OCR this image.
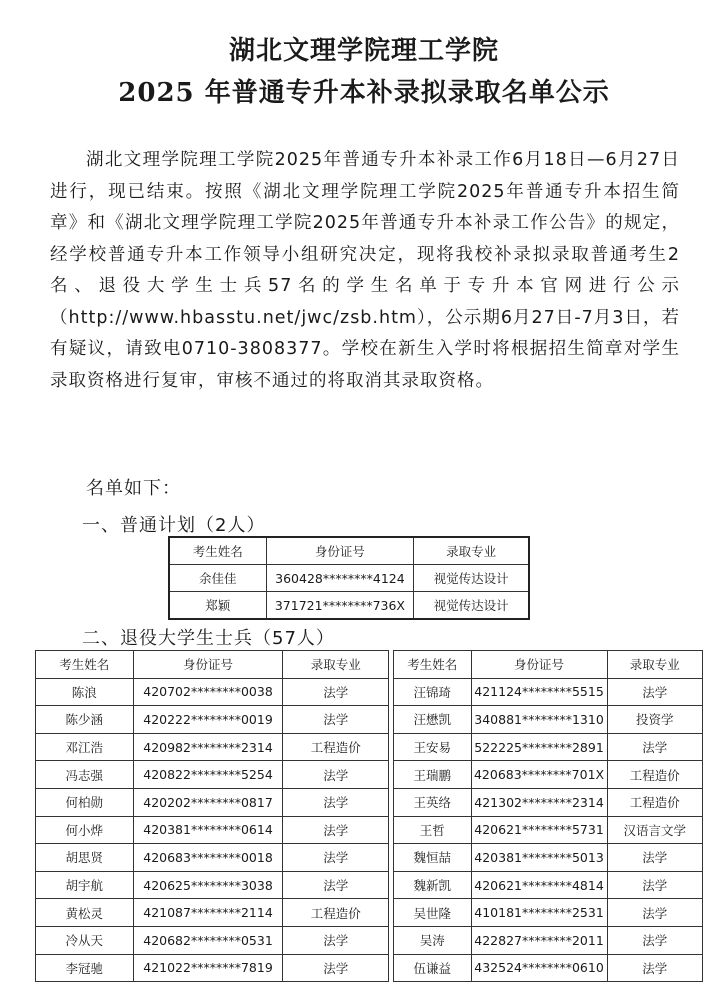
湖北文理学院理工学院
2025 年普通专升本补录拟录取名单公示

湖北文理学院理工学院2025年普通专升本补录工作6月18日—6月27日进行，现已结束。按照《湖北文理学院理工学院2025年普通专升本招生简章》和《湖北文理学院理工学院2025年普通专升本补录工作公告》的规定，经学校普通专升本工作领导小组研究决定，现将我校补录拟录取普通考生2名、退役大学生士兵57名的学生名单于专升本官网进行公示（http://www.hbasstu.net/jwc/zsb.htm），公示期6月27日-7月3日，若有疑议，请致电0710-3808377。学校在新生入学时将根据招生简章对学生录取资格进行复审，审核不通过的将取消其录取资格。

名单如下：
一、普通计划（2人）
考生姓名	身份证号	录取专业
余佳佳	360428********4124	视觉传达设计
郑颖	371721********736X	视觉传达设计
二、退役大学生士兵（57人）
考生姓名	身份证号	录取专业
陈浪	420702********0038	法学
陈少涵	420222********0019	法学
邓江浩	420982********2314	工程造价
冯志强	420822********5254	法学
何柏勋	420202********0817	法学
何小烨	420381********0614	法学
胡思贤	420683********0018	法学
胡宇航	420625********3038	法学
黄松灵	421087********2114	工程造价
冷从天	420682********0531	法学
李冠驰	421022********7819	法学
考生姓名	身份证号	录取专业
汪锦琦	421124********5515	法学
汪懋凯	340881********1310	投资学
王安易	522225********2891	法学
王瑞鹏	420683********701X	工程造价
王英络	421302********2314	工程造价
王哲	420621********5731	汉语言文学
魏恒喆	420381********5013	法学
魏新凯	420621********4814	法学
吴世隆	410181********2531	法学
吴涛	422827********2011	法学
伍谦益	432524********0610	法学
